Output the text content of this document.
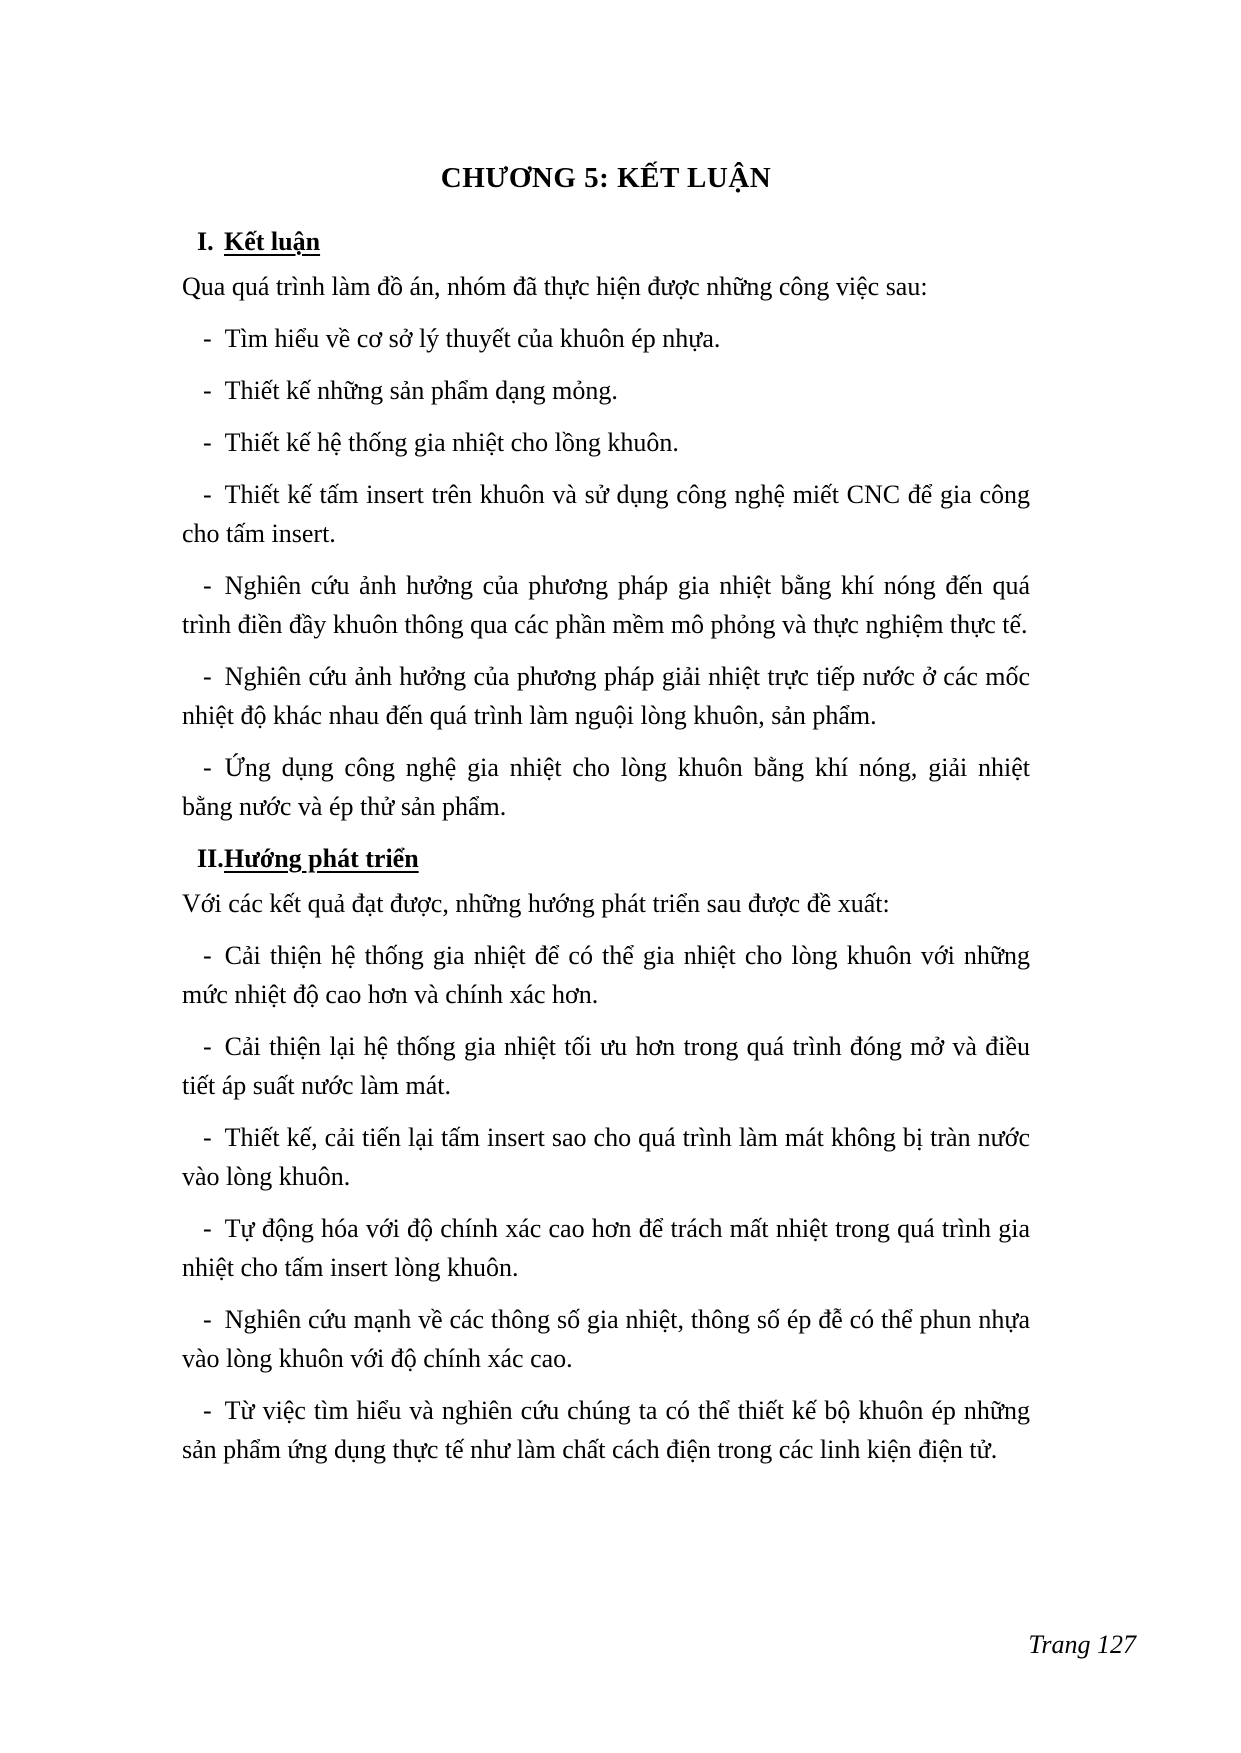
CHƯƠNG 5: KẾT LUẬN

I. Kết luận

Qua quá trình làm đồ án, nhóm đã thực hiện được những công việc sau:

- Tìm hiểu về cơ sở lý thuyết của khuôn ép nhựa.

- Thiết kế những sản phẩm dạng mỏng.

- Thiết kế hệ thống gia nhiệt cho lồng khuôn.

- Thiết kế tấm insert trên khuôn và sử dụng công nghệ miết CNC để gia công cho tấm insert.

- Nghiên cứu ảnh hưởng của phương pháp gia nhiệt bằng khí nóng đến quá trình điền đầy khuôn thông qua các phần mềm mô phỏng và thực nghiệm thực tế.

- Nghiên cứu ảnh hưởng của phương pháp giải nhiệt trực tiếp nước ở các mốc nhiệt độ khác nhau đến quá trình làm nguội lòng khuôn, sản phẩm.

- Ứng dụng công nghệ gia nhiệt cho lòng khuôn bằng khí nóng, giải nhiệt bằng nước và ép thử sản phẩm.

II.Hướng phát triển

Với các kết quả đạt được, những hướng phát triển sau được đề xuất:

- Cải thiện hệ thống gia nhiệt để có thể gia nhiệt cho lòng khuôn với những mức nhiệt độ cao hơn và chính xác hơn.

- Cải thiện lại hệ thống gia nhiệt tối ưu hơn trong quá trình đóng mở và điều tiết áp suất nước làm mát.

- Thiết kế, cải tiến lại tấm insert sao cho quá trình làm mát không bị tràn nước vào lòng khuôn.

- Tự động hóa với độ chính xác cao hơn để trách mất nhiệt trong quá trình gia nhiệt cho tấm insert lòng khuôn.

- Nghiên cứu mạnh về các thông số gia nhiệt, thông số ép đễ có thể phun nhựa vào lòng khuôn với độ chính xác cao.

- Từ việc tìm hiểu và nghiên cứu chúng ta có thể thiết kế bộ khuôn ép những sản phẩm ứng dụng thực tế như làm chất cách điện trong các linh kiện điện tử.

Trang 127
